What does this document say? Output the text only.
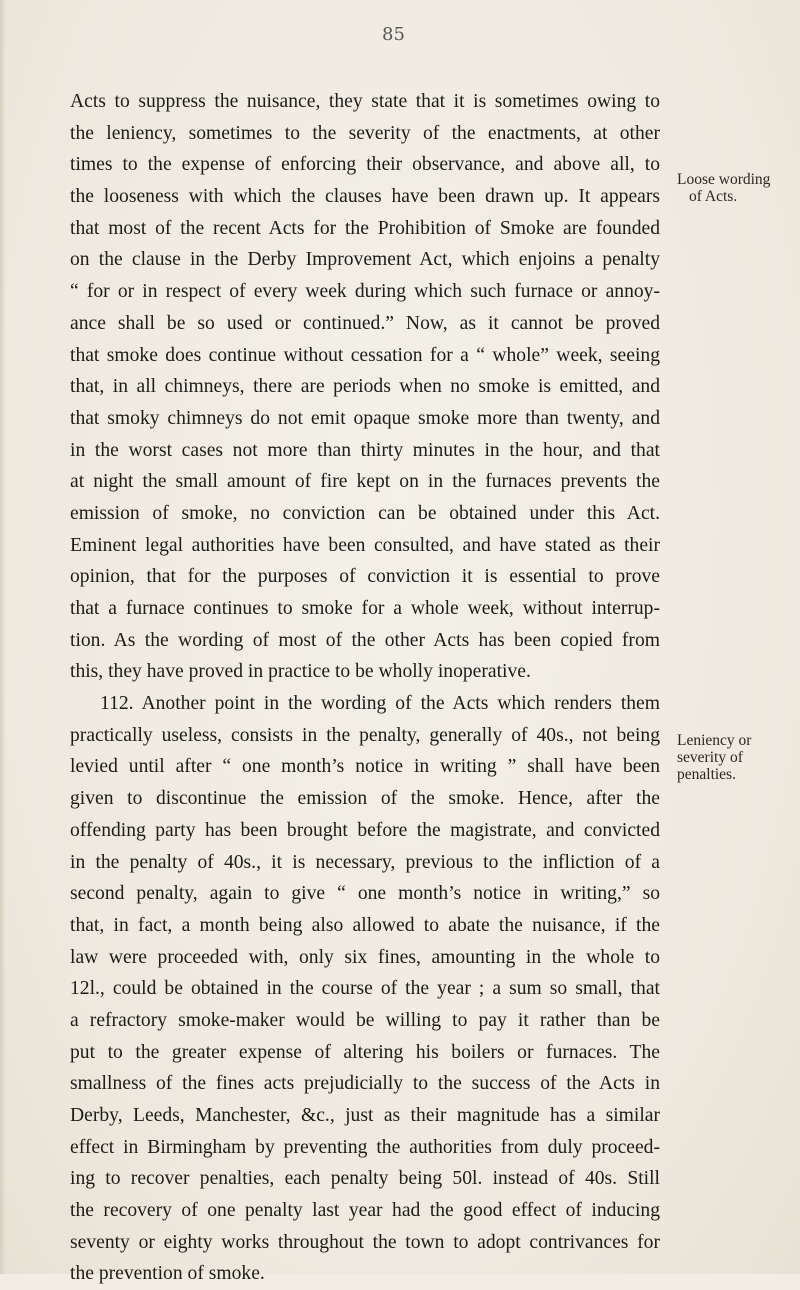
85
Acts to suppress the nuisance, they state that it is sometimes owing to
the leniency, sometimes to the severity of the enactments, at other
times to the expense of enforcing their observance, and above all, to
the looseness with which the clauses have been drawn up. It appears
that most of the recent Acts for the Prohibition of Smoke are founded
on the clause in the Derby Improvement Act, which enjoins a penalty
“ for or in respect of every week during which such furnace or annoy-
ance shall be so used or continued.” Now, as it cannot be proved
that smoke does continue without cessation for a “ whole” week, seeing
that, in all chimneys, there are periods when no smoke is emitted, and
that smoky chimneys do not emit opaque smoke more than twenty, and
in the worst cases not more than thirty minutes in the hour, and that
at night the small amount of fire kept on in the furnaces prevents the
emission of smoke, no conviction can be obtained under this Act.
Eminent legal authorities have been consulted, and have stated as their
opinion, that for the purposes of conviction it is essential to prove
that a furnace continues to smoke for a whole week, without interrup-
tion. As the wording of most of the other Acts has been copied from
this, they have proved in practice to be wholly inoperative.
112. Another point in the wording of the Acts which renders them
practically useless, consists in the penalty, generally of 40s., not being
levied until after “ one month’s notice in writing ” shall have been
given to discontinue the emission of the smoke. Hence, after the
offending party has been brought before the magistrate, and convicted
in the penalty of 40s., it is necessary, previous to the infliction of a
second penalty, again to give “ one month’s notice in writing,” so
that, in fact, a month being also allowed to abate the nuisance, if the
law were proceeded with, only six fines, amounting in the whole to
12l., could be obtained in the course of the year ; a sum so small, that
a refractory smoke-maker would be willing to pay it rather than be
put to the greater expense of altering his boilers or furnaces. The
smallness of the fines acts prejudicially to the success of the Acts in
Derby, Leeds, Manchester, &c., just as their magnitude has a similar
effect in Birmingham by preventing the authorities from duly proceed-
ing to recover penalties, each penalty being 50l. instead of 40s. Still
the recovery of one penalty last year had the good effect of inducing
seventy or eighty works throughout the town to adopt contrivances for
the prevention of smoke.
Loose wording
of Acts.
Leniency or
severity of
penalties.
